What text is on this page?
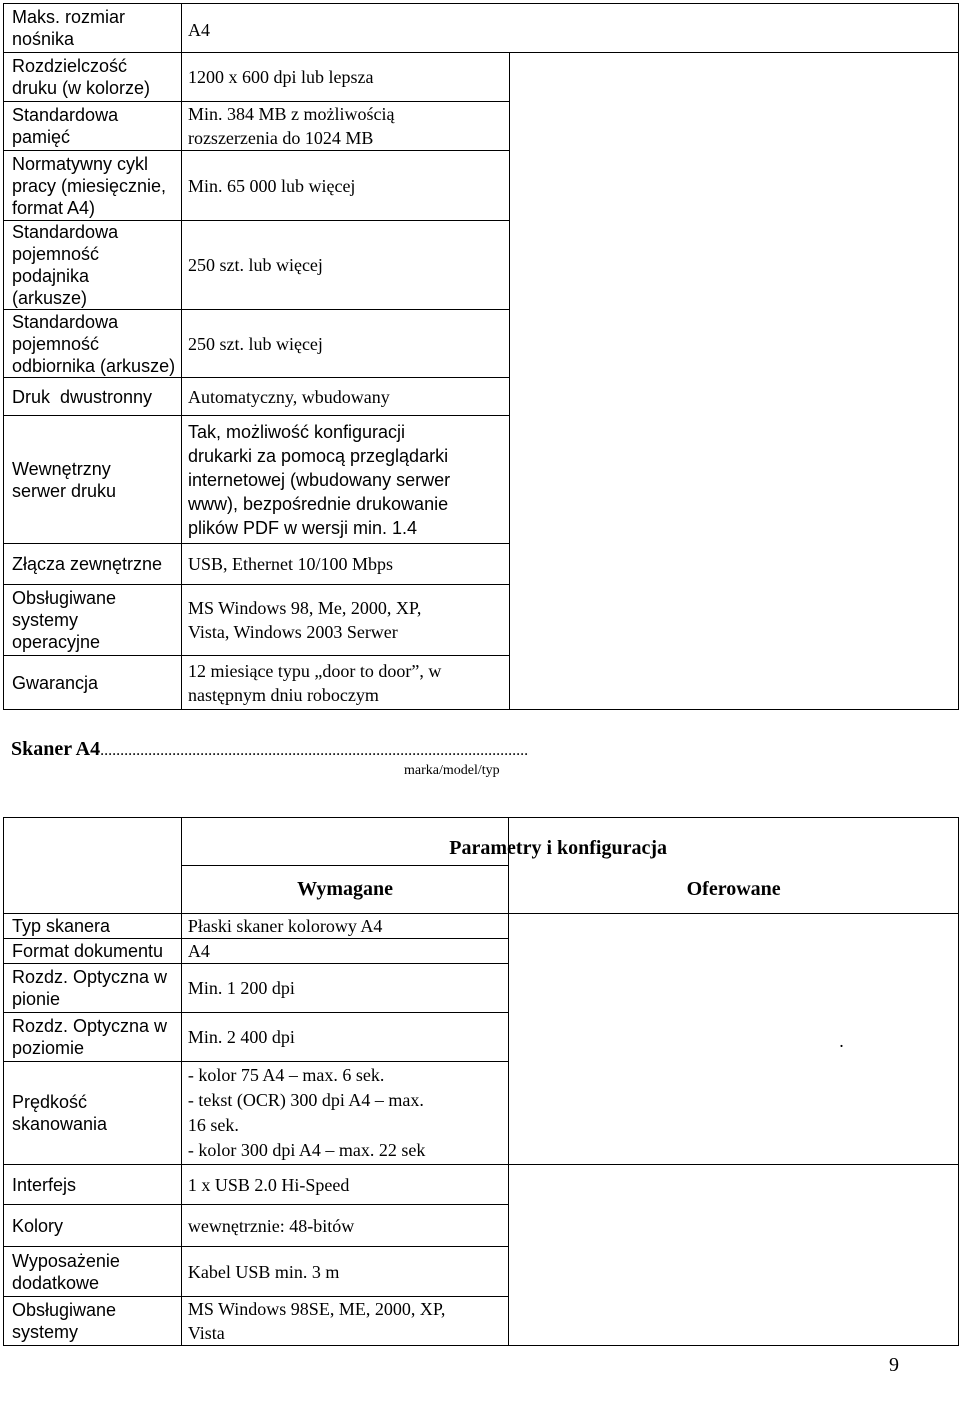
Maks. rozmiar
nośnika	A4	
Rozdzielczość
druku (w kolorze)	1200 x 600 dpi lub lepsza	
Standardowa
pamięć	Min. 384 MB z możliwością
rozszerzenia do 1024 MB	
Normatywny cykl
pracy (miesięcznie,
format A4)	Min. 65 000 lub więcej	
Standardowa
pojemność podajnika
(arkusze)	250 szt. lub więcej	
Standardowa
pojemność
odbiornika (arkusze)	250 szt. lub więcej	
Druk  dwustronny	Automatyczny, wbudowany	
Wewnętrzny
serwer druku	Tak, możliwość konfiguracji
drukarki za pomocą przeglądarki
internetowej (wbudowany serwer
www), bezpośrednie drukowanie
plików PDF w wersji min. 1.4	
Złącza zewnętrzne	USB, Ethernet 10/100 Mbps	
Obsługiwane
systemy
operacyjne	MS Windows 98, Me, 2000, XP,
Vista, Windows 2003 Serwer	
Gwarancja	12 miesiące typu „door to door”, w
następnym dniu roboczym	
Skaner A4...........................................................................................................
marka/model/typ
		Parametry i konfiguracja
	Wymagane	Oferowane
Typ skanera	Płaski skaner kolorowy A4	.
Format dokumentu	A4	
Rozdz. Optyczna w
pionie	Min. 1 200 dpi	
Rozdz. Optyczna w
poziomie	Min. 2 400 dpi	
Prędkość
skanowania	- kolor 75 A4 – max. 6 sek.
- tekst (OCR) 300 dpi A4 – max.
16 sek.
- kolor 300 dpi A4 – max. 22 sek	
Interfejs	1 x USB 2.0 Hi-Speed	
Kolory	wewnętrznie: 48-bitów	
Wyposażenie
dodatkowe	Kabel USB min. 3 m	
Obsługiwane
systemy	MS Windows 98SE, ME, 2000, XP,
Vista	
9
